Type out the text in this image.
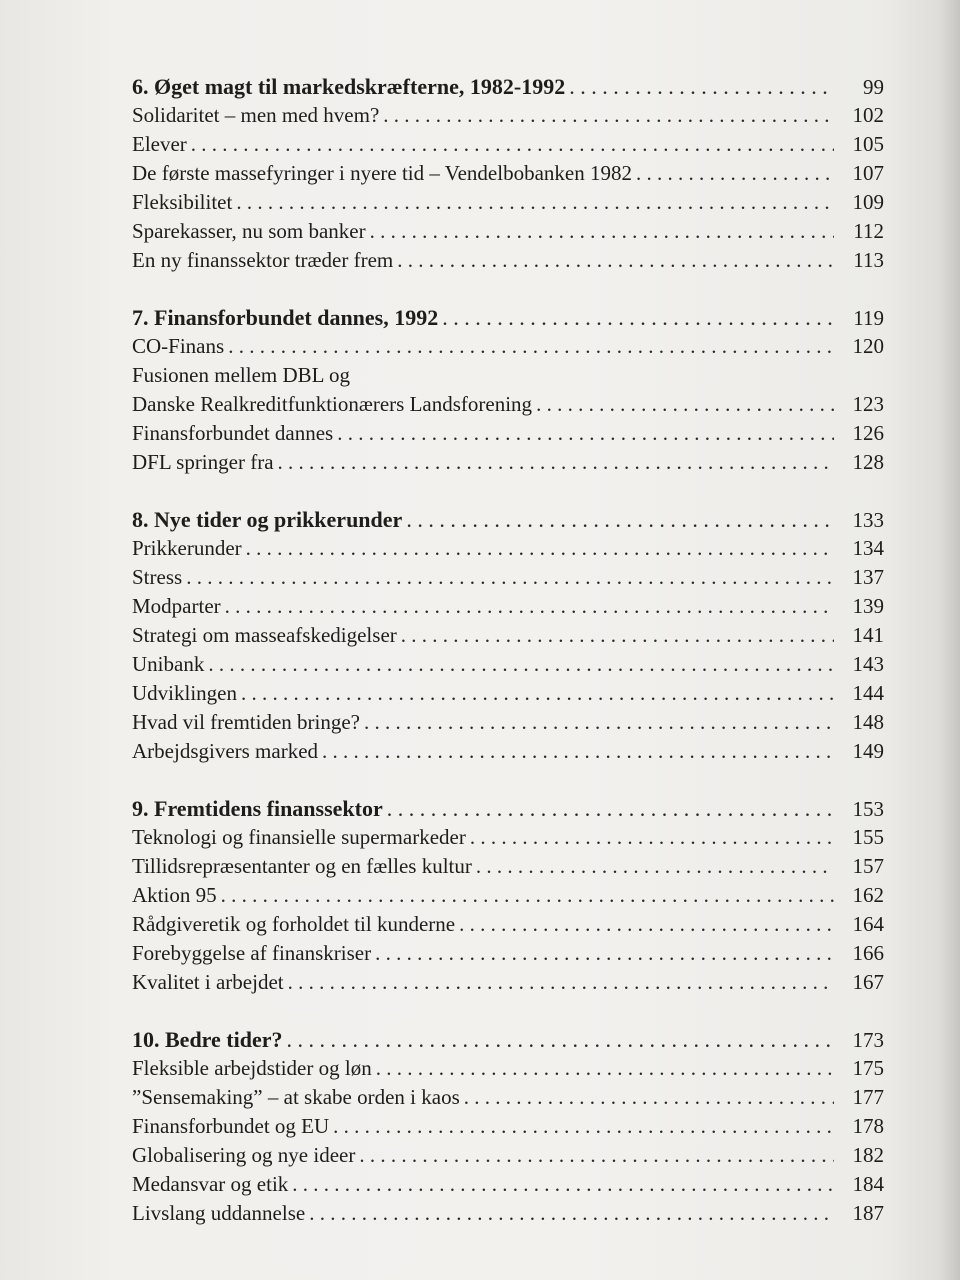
6. Øget magt til markedskræfterne, 1982-1992 . . .	99
Solidaritet – men med hvem? . . .	102
Elever . . .	105
De første massefyringer i nyere tid – Vendelbobanken 1982 . . .	107
Fleksibilitet . . .	109
Sparekasser, nu som banker . . .	112
En ny finanssektor træder frem . . .	113
7. Finansforbundet dannes, 1992 . . .	119
CO-Finans . . .	120
Fusionen mellem DBL og
Danske Realkreditfunktionærers Landsforening . . .	123
Finansforbundet dannes . . .	126
DFL springer fra . . .	128
8. Nye tider og prikkerunder . . .	133
Prikkerunder . . .	134
Stress . . .	137
Modparter . . .	139
Strategi om masseafskedigelser . . .	141
Unibank . . .	143
Udviklingen . . .	144
Hvad vil fremtiden bringe? . . .	148
Arbejdsgivers marked . . .	149
9. Fremtidens finanssektor . . .	153
Teknologi og finansielle supermarkeder . . .	155
Tillidsrepræsentanter og en fælles kultur . . .	157
Aktion 95 . . .	162
Rådgiveretik og forholdet til kunderne . . .	164
Forebyggelse af finanskriser . . .	166
Kvalitet i arbejdet . . .	167
10. Bedre tider? . . .	173
Fleksible arbejdstider og løn . . .	175
”Sensemaking” – at skabe orden i kaos . . .	177
Finansforbundet og EU . . .	178
Globalisering og nye ideer . . .	182
Medansvar og etik . . .	184
Livslang uddannelse . . .	187
